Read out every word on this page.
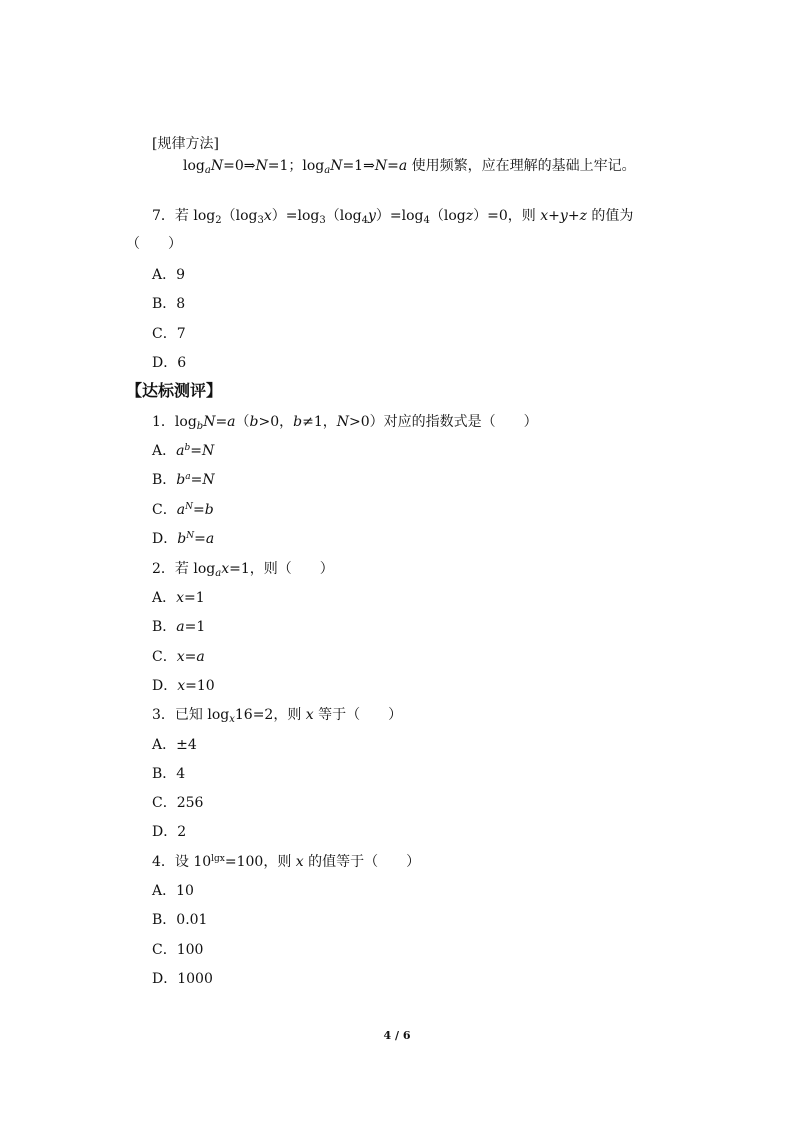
[规律方法]
$\log_aN=0\Rightarrow N=1$；$\log_aN=1\Rightarrow N=a$ 使用频繁，应在理解的基础上牢记。
7．若 $\log_2(\log_3x)=\log_3(\log_4y)=\log_4(\log z)=0$，则 x+y+z 的值为
（　　）
A．9
B．8
C．7
D．6
【达标测评】
1．$\log_bN=a(b>0$，b≠1，N>0）对应的指数式是（　　）
A．$a^b=N$
B．$b^a=N$
C．$a^N=b$
D．$b^N=a$
2．若 $\log_ax=1$，则（　　）
A．x=1
B．a=1
C．x=a
D．x=10
3．已知 $\log_x16=2$，则 x 等于（　　）
A．±4
B．4
C．256
D．2
4．设 $10^{lgx}=100$，则 x 的值等于（　　）
A．10
B．0.01
C．100
D．1000
4 / 6
